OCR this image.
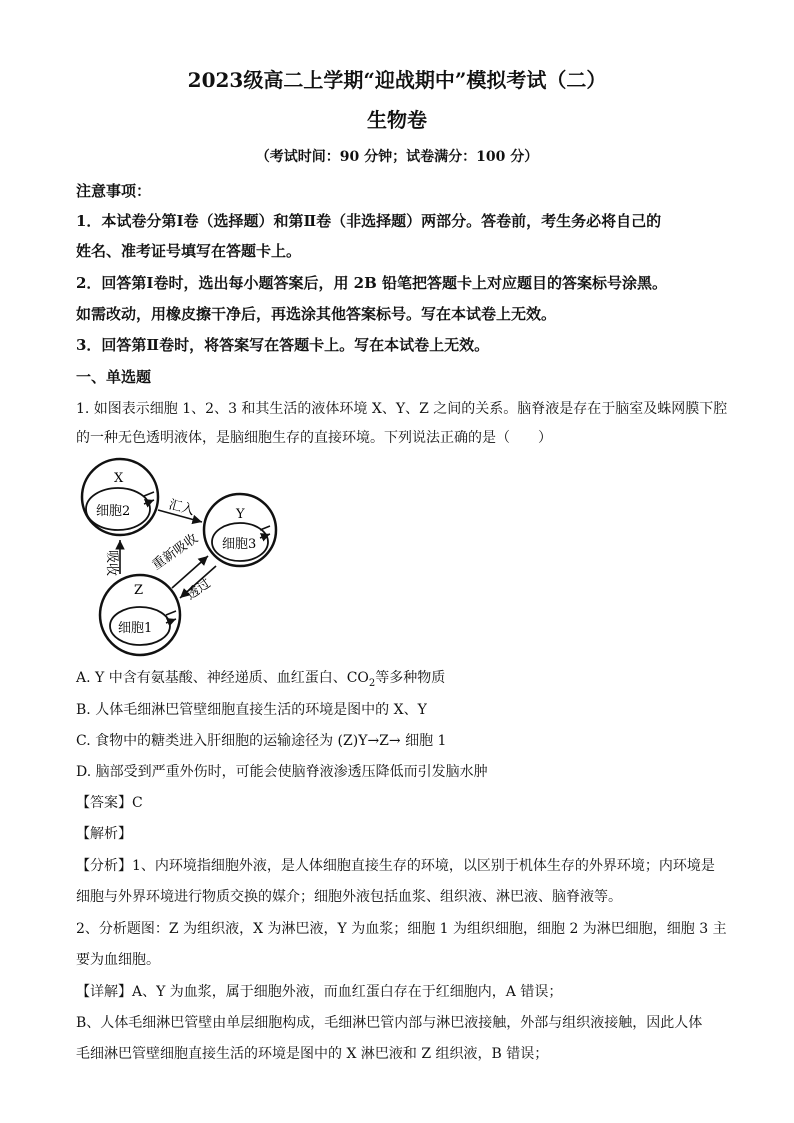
2023级高二上学期“迎战期中”模拟考试（二）
生物卷
（考试时间：90 分钟；试卷满分：100 分）
注意事项：
1．本试卷分第Ⅰ卷（选择题）和第Ⅱ卷（非选择题）两部分。答卷前，考生务必将自己的
姓名、准考证号填写在答题卡上。
2．回答第Ⅰ卷时，选出每小题答案后，用 2B 铅笔把答题卡上对应题目的答案标号涂黑。
如需改动，用橡皮擦干净后，再选涂其他答案标号。写在本试卷上无效。
3．回答第Ⅱ卷时，将答案写在答题卡上。写在本试卷上无效。
一、单选题
1. 如图表示细胞 1、2、3 和其生活的液体环境 X、Y、Z 之间的关系。脑脊液是存在于脑室及蛛网膜下腔
的一种无色透明液体，是脑细胞生存的直接环境。下列说法正确的是（　　）
X
细胞2	Y
细胞3
Z
细胞1
汇入
吸收 重新吸收
透过
A. Y 中含有氨基酸、神经递质、血红蛋白、$CO_2$等多种物质
B. 人体毛细淋巴管壁细胞直接生活的环境是图中的 X、Y
C. 食物中的糖类进入肝细胞的运输途径为 (Z)Y→Z→ 细胞 1
D. 脑部受到严重外伤时，可能会使脑脊液渗透压降低而引发脑水肿
【答案】C
【解析】
【分析】1、内环境指细胞外液，是人体细胞直接生存的环境，以区别于机体生存的外界环境；内环境是
细胞与外界环境进行物质交换的媒介；细胞外液包括血浆、组织液、淋巴液、脑脊液等。
2、分析题图：Z 为组织液，X 为淋巴液，Y 为血浆；细胞 1 为组织细胞，细胞 2 为淋巴细胞，细胞 3 主
要为血细胞。
【详解】A、Y 为血浆，属于细胞外液，而血红蛋白存在于红细胞内，A 错误；
B、人体毛细淋巴管壁由单层细胞构成，毛细淋巴管内部与淋巴液接触，外部与组织液接触，因此人体
毛细淋巴管壁细胞直接生活的环境是图中的 X 淋巴液和 Z 组织液，B 错误；
